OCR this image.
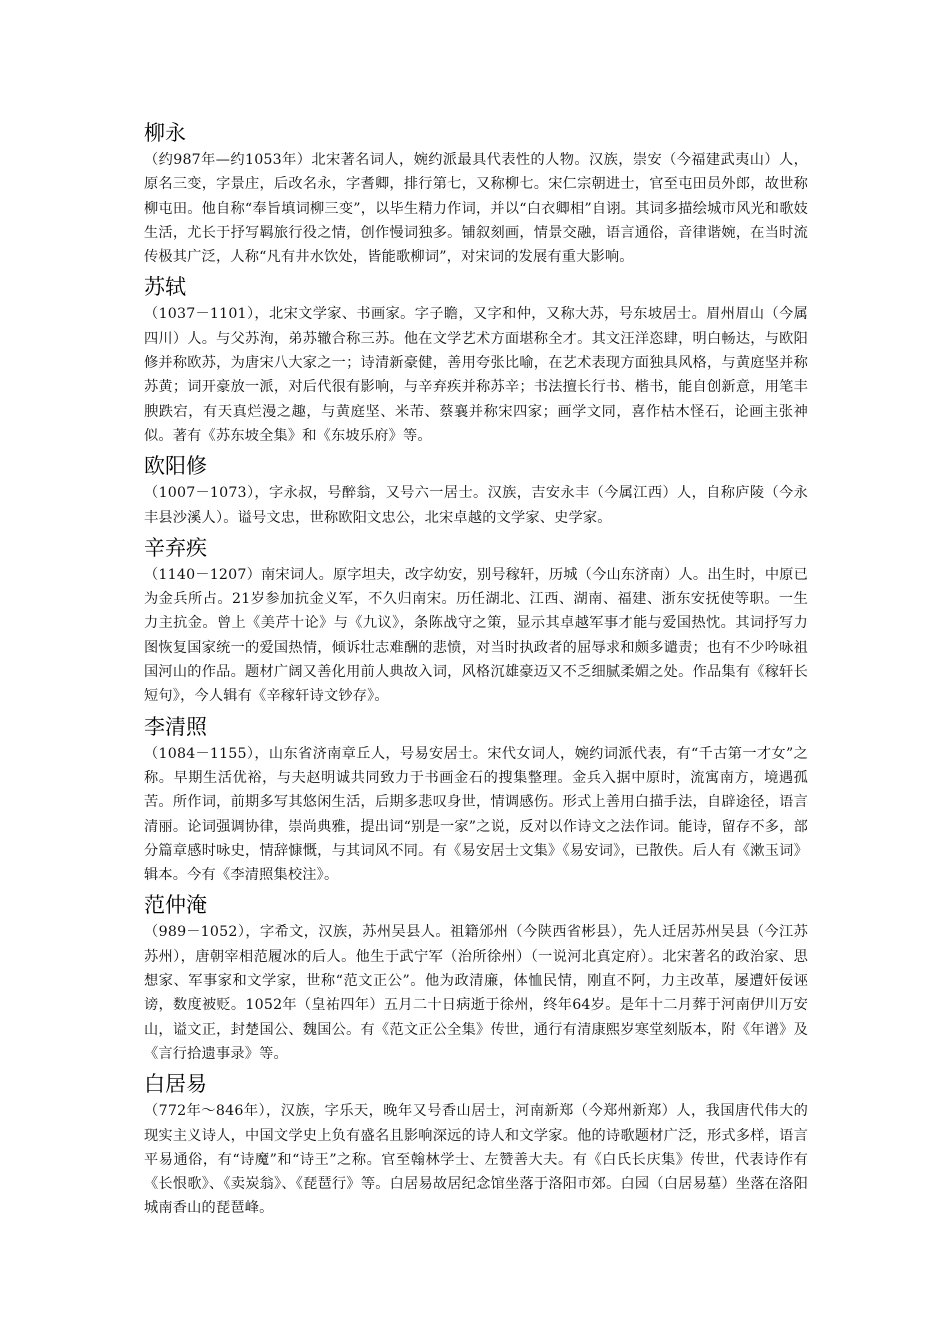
柳永

（约987年—约1053年）北宋著名词人，婉约派最具代表性的人物。汉族，崇安（今福建武夷山）人，原名三变，字景庄，后改名永，字耆卿，排行第七，又称柳七。宋仁宗朝进士，官至屯田员外郎，故世称柳屯田。他自称“奉旨填词柳三变”，以毕生精力作词，并以“白衣卿相”自诩。其词多描绘城市风光和歌妓生活，尤长于抒写羁旅行役之情，创作慢词独多。铺叙刻画，情景交融，语言通俗，音律谐婉，在当时流传极其广泛，人称“凡有井水饮处，皆能歌柳词”，对宋词的发展有重大影响。

苏轼

（1037－1101），北宋文学家、书画家。字子瞻，又字和仲，又称大苏，号东坡居士。眉州眉山（今属四川）人。与父苏洵，弟苏辙合称三苏。他在文学艺术方面堪称全才。其文汪洋恣肆，明白畅达，与欧阳修并称欧苏，为唐宋八大家之一；诗清新豪健，善用夸张比喻，在艺术表现方面独具风格，与黄庭坚并称苏黄；词开豪放一派，对后代很有影响，与辛弃疾并称苏辛；书法擅长行书、楷书，能自创新意，用笔丰腴跌宕，有天真烂漫之趣，与黄庭坚、米芾、蔡襄并称宋四家；画学文同，喜作枯木怪石，论画主张神似。著有《苏东坡全集》和《东坡乐府》等。

欧阳修

（1007－1073），字永叔，号醉翁，又号六一居士。汉族，吉安永丰（今属江西）人，自称庐陵（今永丰县沙溪人）。谥号文忠，世称欧阳文忠公，北宋卓越的文学家、史学家。

辛弃疾

（1140－1207）南宋词人。原字坦夫，改字幼安，别号稼轩，历城（今山东济南）人。出生时，中原已为金兵所占。21岁参加抗金义军，不久归南宋。历任湖北、江西、湖南、福建、浙东安抚使等职。一生力主抗金。曾上《美芹十论》与《九议》，条陈战守之策，显示其卓越军事才能与爱国热忱。其词抒写力图恢复国家统一的爱国热情，倾诉壮志难酬的悲愤，对当时执政者的屈辱求和颇多谴责；也有不少吟咏祖国河山的作品。题材广阔又善化用前人典故入词，风格沉雄豪迈又不乏细腻柔媚之处。作品集有《稼轩长短句》，今人辑有《辛稼轩诗文钞存》。

李清照

（1084－1155），山东省济南章丘人，号易安居士。宋代女词人，婉约词派代表，有“千古第一才女”之称。早期生活优裕，与夫赵明诚共同致力于书画金石的搜集整理。金兵入据中原时，流寓南方，境遇孤苦。所作词，前期多写其悠闲生活，后期多悲叹身世，情调感伤。形式上善用白描手法，自辟途径，语言清丽。论词强调协律，崇尚典雅，提出词“别是一家”之说，反对以作诗文之法作词。能诗，留存不多，部分篇章感时咏史，情辞慷慨，与其词风不同。有《易安居士文集》《易安词》，已散佚。后人有《漱玉词》辑本。今有《李清照集校注》。

范仲淹

（989－1052），字希文，汉族，苏州吴县人。祖籍邠州（今陕西省彬县），先人迁居苏州吴县（今江苏苏州），唐朝宰相范履冰的后人。他生于武宁军（治所徐州）（一说河北真定府）。北宋著名的政治家、思想家、军事家和文学家，世称“范文正公”。他为政清廉，体恤民情，刚直不阿，力主改革，屡遭奸佞诬谤，数度被贬。1052年（皇祐四年）五月二十日病逝于徐州，终年64岁。是年十二月葬于河南伊川万安山，谥文正，封楚国公、魏国公。有《范文正公全集》传世，通行有清康熙岁寒堂刻版本，附《年谱》及《言行拾遗事录》等。

白居易

（772年～846年），汉族，字乐天，晚年又号香山居士，河南新郑（今郑州新郑）人，我国唐代伟大的现实主义诗人，中国文学史上负有盛名且影响深远的诗人和文学家。他的诗歌题材广泛，形式多样，语言平易通俗，有“诗魔”和“诗王”之称。官至翰林学士、左赞善大夫。有《白氏长庆集》传世，代表诗作有《长恨歌》、《卖炭翁》、《琵琶行》等。白居易故居纪念馆坐落于洛阳市郊。白园（白居易墓）坐落在洛阳城南香山的琵琶峰。
